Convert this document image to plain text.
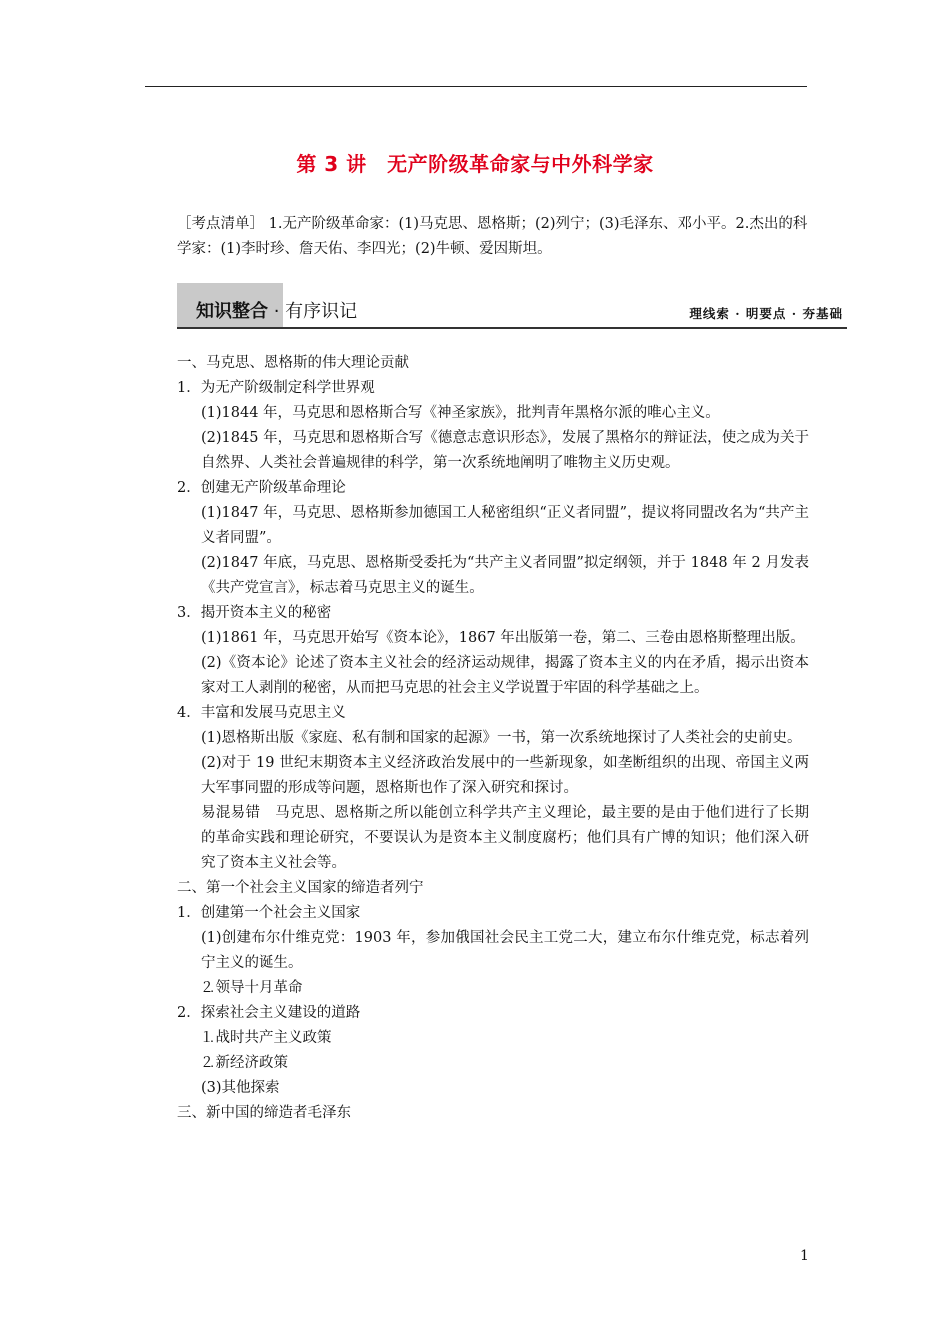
第 3 讲　无产阶级革命家与中外科学家
［考点清单］ 1.无产阶级革命家：(1)马克思、恩格斯；(2)列宁；(3)毛泽东、邓小平。2.杰出的科学家：(1)李时珍、詹天佑、李四光；(2)牛顿、爱因斯坦。
知识整合 · 有序识记	理线索 · 明要点 · 夯基础

一、马克思、恩格斯的伟大理论贡献

1．为无产阶级制定科学世界观

(1)1844 年，马克思和恩格斯合写《神圣家族》，批判青年黑格尔派的唯心主义。

(2)1845 年，马克思和恩格斯合写《德意志意识形态》，发展了黑格尔的辩证法，使之成为关于自然界、人类社会普遍规律的科学，第一次系统地阐明了唯物主义历史观。

2．创建无产阶级革命理论

(1)1847 年，马克思、恩格斯参加德国工人秘密组织“正义者同盟”，提议将同盟改名为“共产主义者同盟”。

(2)1847 年底，马克思、恩格斯受委托为“共产主义者同盟”拟定纲领，并于 1848 年 2 月发表《共产党宣言》，标志着马克思主义的诞生。

3．揭开资本主义的秘密

(1)1861 年，马克思开始写《资本论》，1867 年出版第一卷，第二、三卷由恩格斯整理出版。

(2)《资本论》论述了资本主义社会的经济运动规律，揭露了资本主义的内在矛盾，揭示出资本家对工人剥削的秘密，从而把马克思的社会主义学说置于牢固的科学基础之上。

4．丰富和发展马克思主义

(1)恩格斯出版《家庭、私有制和国家的起源》一书，第一次系统地探讨了人类社会的史前史。

(2)对于 19 世纪末期资本主义经济政治发展中的一些新现象，如垄断组织的出现、帝国主义两大军事同盟的形成等问题，恩格斯也作了深入研究和探讨。

易混易错　马克思、恩格斯之所以能创立科学共产主义理论，最主要的是由于他们进行了长期的革命实践和理论研究，不要误认为是资本主义制度腐朽；他们具有广博的知识；他们深入研究了资本主义社会等。

二、第一个社会主义国家的缔造者列宁

1．创建第一个社会主义国家

(1)创建布尔什维克党：1903 年，参加俄国社会民主工党二大，建立布尔什维克党，标志着列宁主义的诞生。

⒉领导十月革命

2．探索社会主义建设的道路

⒈战时共产主义政策

⒉新经济政策

(3)其他探索

三、新中国的缔造者毛泽东

1
